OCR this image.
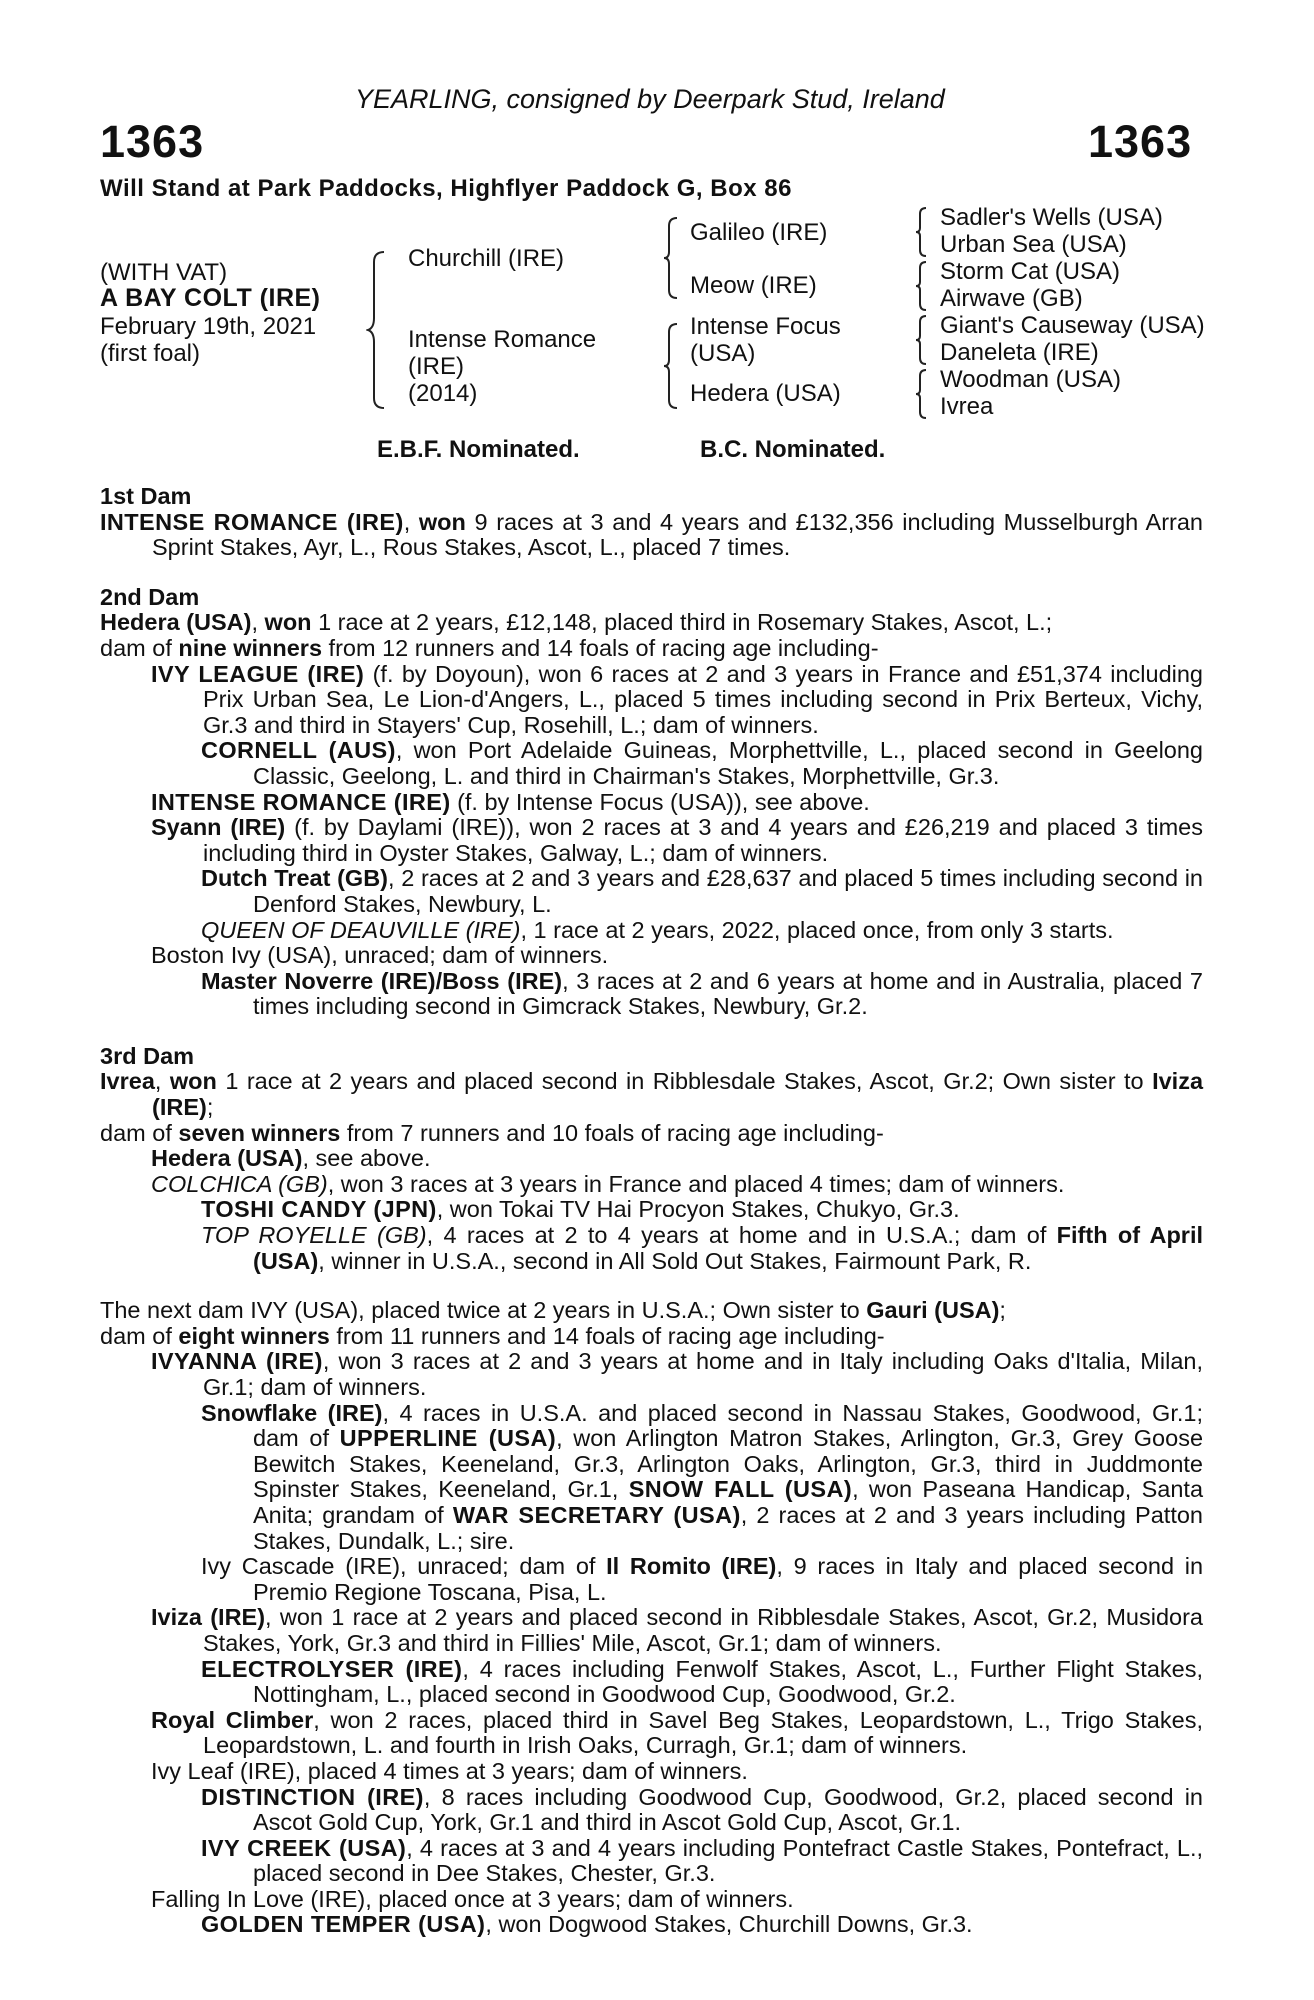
YEARLING, consigned by Deerpark Stud, Ireland
1363	1363
Will Stand at Park Paddocks, Highflyer Paddock G, Box 86
(WITH VAT)
A BAY COLT (IRE)
February 19th, 2021
(first foal)
Churchill (IRE)
Intense Romance
(IRE)
(2014)
Galileo (IRE)
Meow (IRE)
Intense Focus
(USA)
Hedera (USA)
Sadler's Wells (USA)
Urban Sea (USA)
Storm Cat (USA)
Airwave (GB)
Giant's Causeway (USA)
Daneleta (IRE)
Woodman (USA)
Ivrea
E.B.F. Nominated.	B.C. Nominated.
1st Dam

INTENSE ROMANCE (IRE), won 9 races at 3 and 4 years and £132,356 including Musselburgh Arran Sprint Stakes, Ayr, L., Rous Stakes, Ascot, L., placed 7 times.

2nd Dam

Hedera (USA), won 1 race at 2 years, £12,148, placed third in Rosemary Stakes, Ascot, L.;

dam of nine winners from 12 runners and 14 foals of racing age including-

IVY LEAGUE (IRE) (f. by Doyoun), won 6 races at 2 and 3 years in France and £51,374 including Prix Urban Sea, Le Lion-d'Angers, L., placed 5 times including second in Prix Berteux, Vichy, Gr.3 and third in Stayers' Cup, Rosehill, L.; dam of winners.

CORNELL (AUS), won Port Adelaide Guineas, Morphettville, L., placed second in Geelong Classic, Geelong, L. and third in Chairman's Stakes, Morphettville, Gr.3.

INTENSE ROMANCE (IRE) (f. by Intense Focus (USA)), see above.

Syann (IRE) (f. by Daylami (IRE)), won 2 races at 3 and 4 years and £26,219 and placed 3 times including third in Oyster Stakes, Galway, L.; dam of winners.

Dutch Treat (GB), 2 races at 2 and 3 years and £28,637 and placed 5 times including second in Denford Stakes, Newbury, L.

QUEEN OF DEAUVILLE (IRE), 1 race at 2 years, 2022, placed once, from only 3 starts.

Boston Ivy (USA), unraced; dam of winners.

Master Noverre (IRE)/Boss (IRE), 3 races at 2 and 6 years at home and in Australia, placed 7 times including second in Gimcrack Stakes, Newbury, Gr.2.

3rd Dam

Ivrea, won 1 race at 2 years and placed second in Ribblesdale Stakes, Ascot, Gr.2; Own sister to Iviza (IRE);

dam of seven winners from 7 runners and 10 foals of racing age including-

Hedera (USA), see above.

COLCHICA (GB), won 3 races at 3 years in France and placed 4 times; dam of winners.

TOSHI CANDY (JPN), won Tokai TV Hai Procyon Stakes, Chukyo, Gr.3.

TOP ROYELLE (GB), 4 races at 2 to 4 years at home and in U.S.A.; dam of Fifth of April (USA), winner in U.S.A., second in All Sold Out Stakes, Fairmount Park, R.

The next dam IVY (USA), placed twice at 2 years in U.S.A.; Own sister to Gauri (USA);

dam of eight winners from 11 runners and 14 foals of racing age including-

IVYANNA (IRE), won 3 races at 2 and 3 years at home and in Italy including Oaks d'Italia, Milan, Gr.1; dam of winners.

Snowflake (IRE), 4 races in U.S.A. and placed second in Nassau Stakes, Goodwood, Gr.1; dam of UPPERLINE (USA), won Arlington Matron Stakes, Arlington, Gr.3, Grey Goose Bewitch Stakes, Keeneland, Gr.3, Arlington Oaks, Arlington, Gr.3, third in Juddmonte Spinster Stakes, Keeneland, Gr.1, SNOW FALL (USA), won Paseana Handicap, Santa Anita; grandam of WAR SECRETARY (USA), 2 races at 2 and 3 years including Patton Stakes, Dundalk, L.; sire.

Ivy Cascade (IRE), unraced; dam of Il Romito (IRE), 9 races in Italy and placed second in Premio Regione Toscana, Pisa, L.

Iviza (IRE), won 1 race at 2 years and placed second in Ribblesdale Stakes, Ascot, Gr.2, Musidora Stakes, York, Gr.3 and third in Fillies' Mile, Ascot, Gr.1; dam of winners.

ELECTROLYSER (IRE), 4 races including Fenwolf Stakes, Ascot, L., Further Flight Stakes, Nottingham, L., placed second in Goodwood Cup, Goodwood, Gr.2.

Royal Climber, won 2 races, placed third in Savel Beg Stakes, Leopardstown, L., Trigo Stakes, Leopardstown, L. and fourth in Irish Oaks, Curragh, Gr.1; dam of winners.

Ivy Leaf (IRE), placed 4 times at 3 years; dam of winners.

DISTINCTION (IRE), 8 races including Goodwood Cup, Goodwood, Gr.2, placed second in Ascot Gold Cup, York, Gr.1 and third in Ascot Gold Cup, Ascot, Gr.1.

IVY CREEK (USA), 4 races at 3 and 4 years including Pontefract Castle Stakes, Pontefract, L., placed second in Dee Stakes, Chester, Gr.3.

Falling In Love (IRE), placed once at 3 years; dam of winners.

GOLDEN TEMPER (USA), won Dogwood Stakes, Churchill Downs, Gr.3.
